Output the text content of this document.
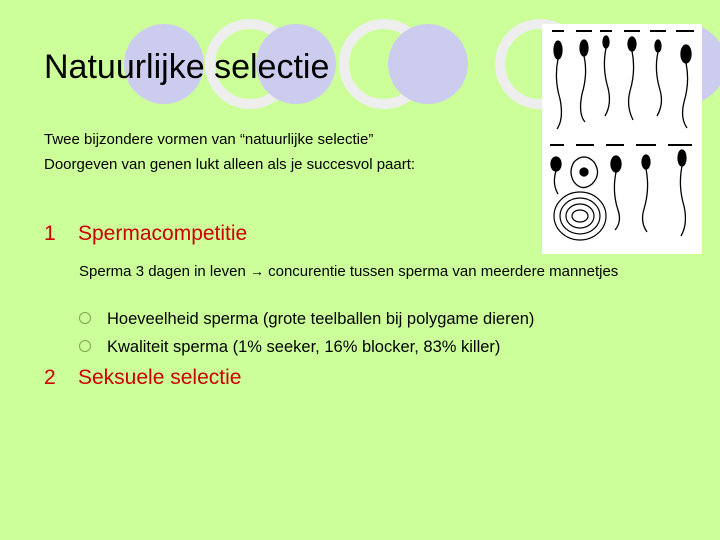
Natuurlijke selectie
Twee bijzondere vormen van “natuurlijke selectie”
Doorgeven van genen lukt alleen als je succesvol paart:
1 Spermacompetitie
Sperma 3 dagen in leven → concurentie tussen sperma van meerdere mannetjes
Hoeveelheid sperma (grote teelballen bij polygame dieren)
Kwaliteit sperma (1% seeker, 16% blocker, 83% killer)
2 Seksuele selectie
